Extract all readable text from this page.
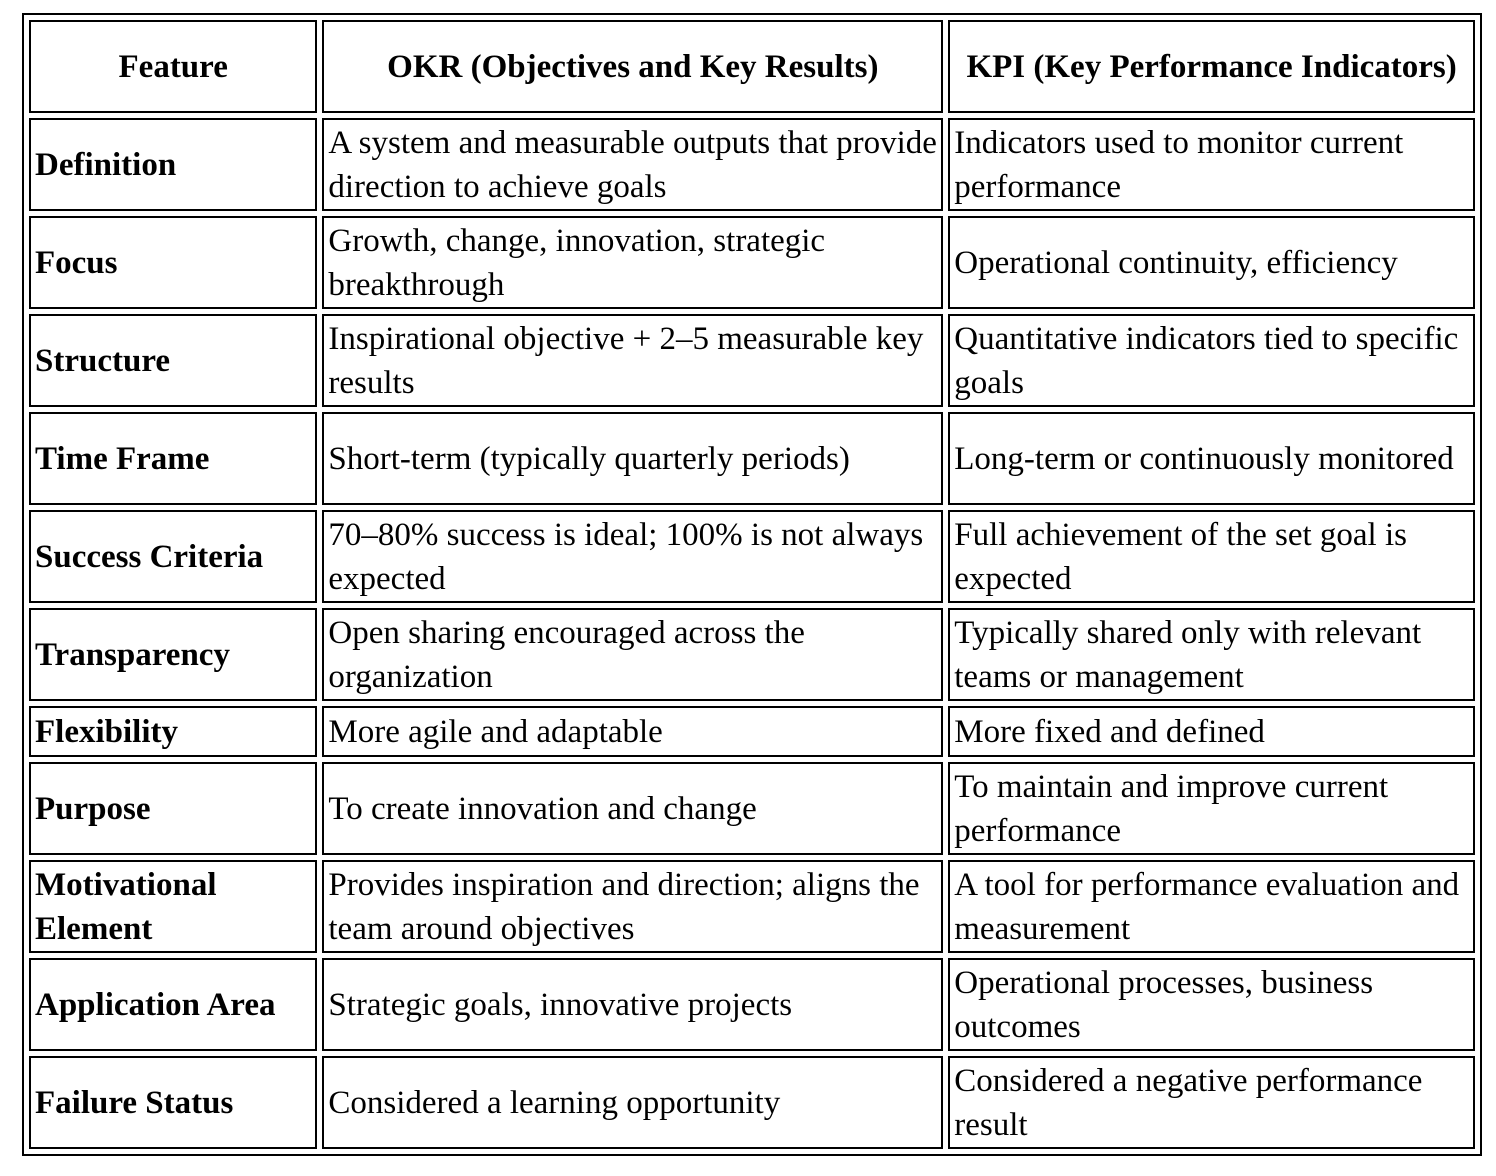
Feature	OKR (Objectives and Key Results)	KPI (Key Performance Indicators)
Definition	A system and measurable outputs that provide direction to achieve goals	Indicators used to monitor current performance
Focus	Growth, change, innovation, strategic breakthrough	Operational continuity, efficiency
Structure	Inspirational objective + 2–5 measurable key results	Quantitative indicators tied to specific goals
Time Frame	Short-term (typically quarterly periods)	Long-term or continuously monitored
Success Criteria	70–80% success is ideal; 100% is not always expected	Full achievement of the set goal is expected
Transparency	Open sharing encouraged across the organization	Typically shared only with relevant teams or management
Flexibility	More agile and adaptable	More fixed and defined
Purpose	To create innovation and change	To maintain and improve current performance
Motivational Element	Provides inspiration and direction; aligns the team around objectives	A tool for performance evaluation and measurement
Application Area	Strategic goals, innovative projects	Operational processes, business outcomes
Failure Status	Considered a learning opportunity	Considered a negative performance result
